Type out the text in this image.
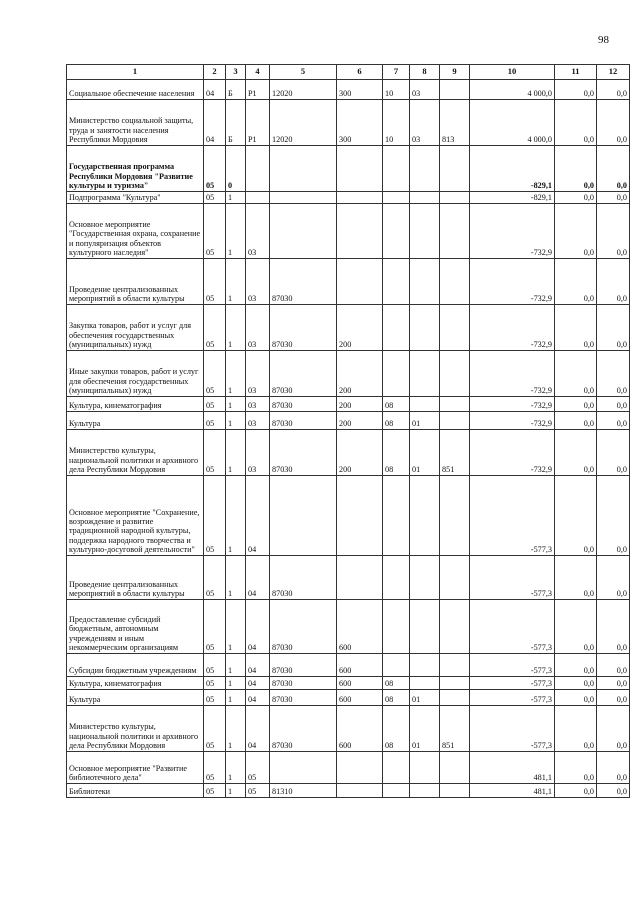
98
1	2	3	4	5	6	7	8	9	10	11	12
Социальное обеспечение населения	04	Б	P1	12020	300	10	03		4 000,0	0,0	0,0
Министерство социальной защиты, труда и занятости населения Республики Мордовия	04	Б	P1	12020	300	10	03	813	4 000,0	0,0	0,0
Государственная программа Республики Мордовия "Развитие культуры и туризма"	05	0							-829,1	0,0	0,0
Подпрограмма "Культура"	05	1							-829,1	0,0	0,0
Основное мероприятие "Государственная охрана, сохранение и популяризация объектов культурного наследия"	05	1	03						-732,9	0,0	0,0
Проведение централизованных мероприятий в области культуры	05	1	03	87030					-732,9	0,0	0,0
Закупка товаров, работ и услуг для обеспечения государственных (муниципальных) нужд	05	1	03	87030	200				-732,9	0,0	0,0
Иные закупки товаров, работ и услуг для обеспечения государственных (муниципальных) нужд	05	1	03	87030	200				-732,9	0,0	0,0
Культура, кинематография	05	1	03	87030	200	08			-732,9	0,0	0,0
Культура	05	1	03	87030	200	08	01		-732,9	0,0	0,0
Министерство культуры, национальной политики и архивного дела Республики Мордовия	05	1	03	87030	200	08	01	851	-732,9	0,0	0,0
Основное мероприятие "Сохранение, возрождение и развитие традиционной народной культуры, поддержка народного творчества и культурно-досуговой деятельности"	05	1	04						-577,3	0,0	0,0
Проведение централизованных мероприятий в области культуры	05	1	04	87030					-577,3	0,0	0,0
Предоставление субсидий бюджетным, автономным учреждениям и иным некоммерческим организациям	05	1	04	87030	600				-577,3	0,0	0,0
Субсидии бюджетным учреждениям	05	1	04	87030	600				-577,3	0,0	0,0
Культура, кинематография	05	1	04	87030	600	08			-577,3	0,0	0,0
Культура	05	1	04	87030	600	08	01		-577,3	0,0	0,0
Министерство культуры, национальной политики и архивного дела Республики Мордовия	05	1	04	87030	600	08	01	851	-577,3	0,0	0,0
Основное мероприятие "Развитие библиотечного дела"	05	1	05						481,1	0,0	0,0
Библиотеки	05	1	05	81310					481,1	0,0	0,0
